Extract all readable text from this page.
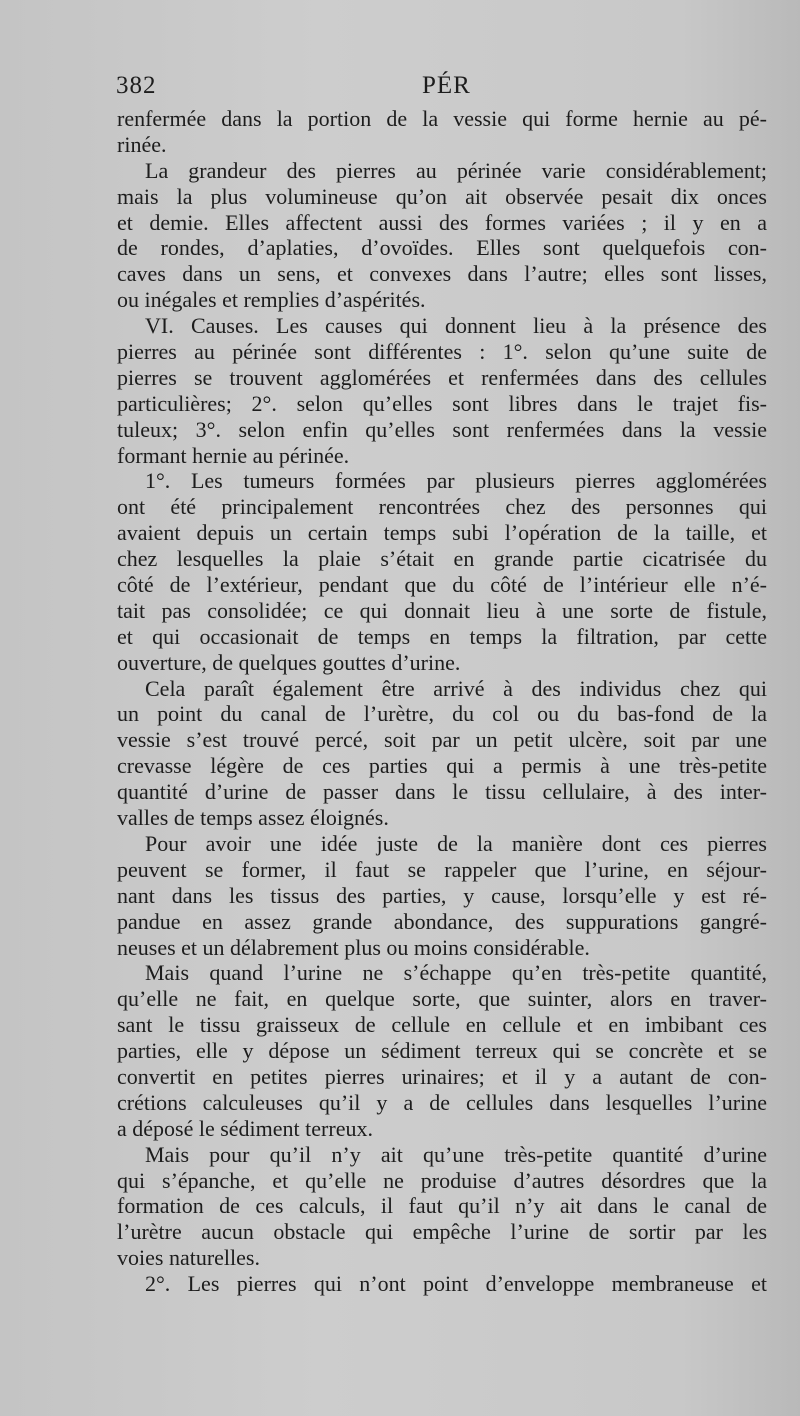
382	PÉR
renfermée dans la portion de la vessie qui forme hernie au pé-
rinée.
La grandeur des pierres au périnée varie considérablement;
mais la plus volumineuse qu’on ait observée pesait dix onces
et demie. Elles affectent aussi des formes variées ; il y en a
de rondes, d’aplaties, d’ovoïdes. Elles sont quelquefois con-
caves dans un sens, et convexes dans l’autre; elles sont lisses,
ou inégales et remplies d’aspérités.
VI. Causes. Les causes qui donnent lieu à la présence des
pierres au périnée sont différentes : 1°. selon qu’une suite de
pierres se trouvent agglomérées et renfermées dans des cellules
particulières; 2°. selon qu’elles sont libres dans le trajet fis-
tuleux; 3°. selon enfin qu’elles sont renfermées dans la vessie
formant hernie au périnée.
1°. Les tumeurs formées par plusieurs pierres agglomérées
ont été principalement rencontrées chez des personnes qui
avaient depuis un certain temps subi l’opération de la taille, et
chez lesquelles la plaie s’était en grande partie cicatrisée du
côté de l’extérieur, pendant que du côté de l’intérieur elle n’é-
tait pas consolidée; ce qui donnait lieu à une sorte de fistule,
et qui occasionait de temps en temps la filtration, par cette
ouverture, de quelques gouttes d’urine.
Cela paraît également être arrivé à des individus chez qui
un point du canal de l’urètre, du col ou du bas-fond de la
vessie s’est trouvé percé, soit par un petit ulcère, soit par une
crevasse légère de ces parties qui a permis à une très-petite
quantité d’urine de passer dans le tissu cellulaire, à des inter-
valles de temps assez éloignés.
Pour avoir une idée juste de la manière dont ces pierres
peuvent se former, il faut se rappeler que l’urine, en séjour-
nant dans les tissus des parties, y cause, lorsqu’elle y est ré-
pandue en assez grande abondance, des suppurations gangré-
neuses et un délabrement plus ou moins considérable.
Mais quand l’urine ne s’échappe qu’en très-petite quantité,
qu’elle ne fait, en quelque sorte, que suinter, alors en traver-
sant le tissu graisseux de cellule en cellule et en imbibant ces
parties, elle y dépose un sédiment terreux qui se concrète et se
convertit en petites pierres urinaires; et il y a autant de con-
crétions calculeuses qu’il y a de cellules dans lesquelles l’urine
a déposé le sédiment terreux.
Mais pour qu’il n’y ait qu’une très-petite quantité d’urine
qui s’épanche, et qu’elle ne produise d’autres désordres que la
formation de ces calculs, il faut qu’il n’y ait dans le canal de
l’urètre aucun obstacle qui empêche l’urine de sortir par les
voies naturelles.
2°. Les pierres qui n’ont point d’enveloppe membraneuse et
